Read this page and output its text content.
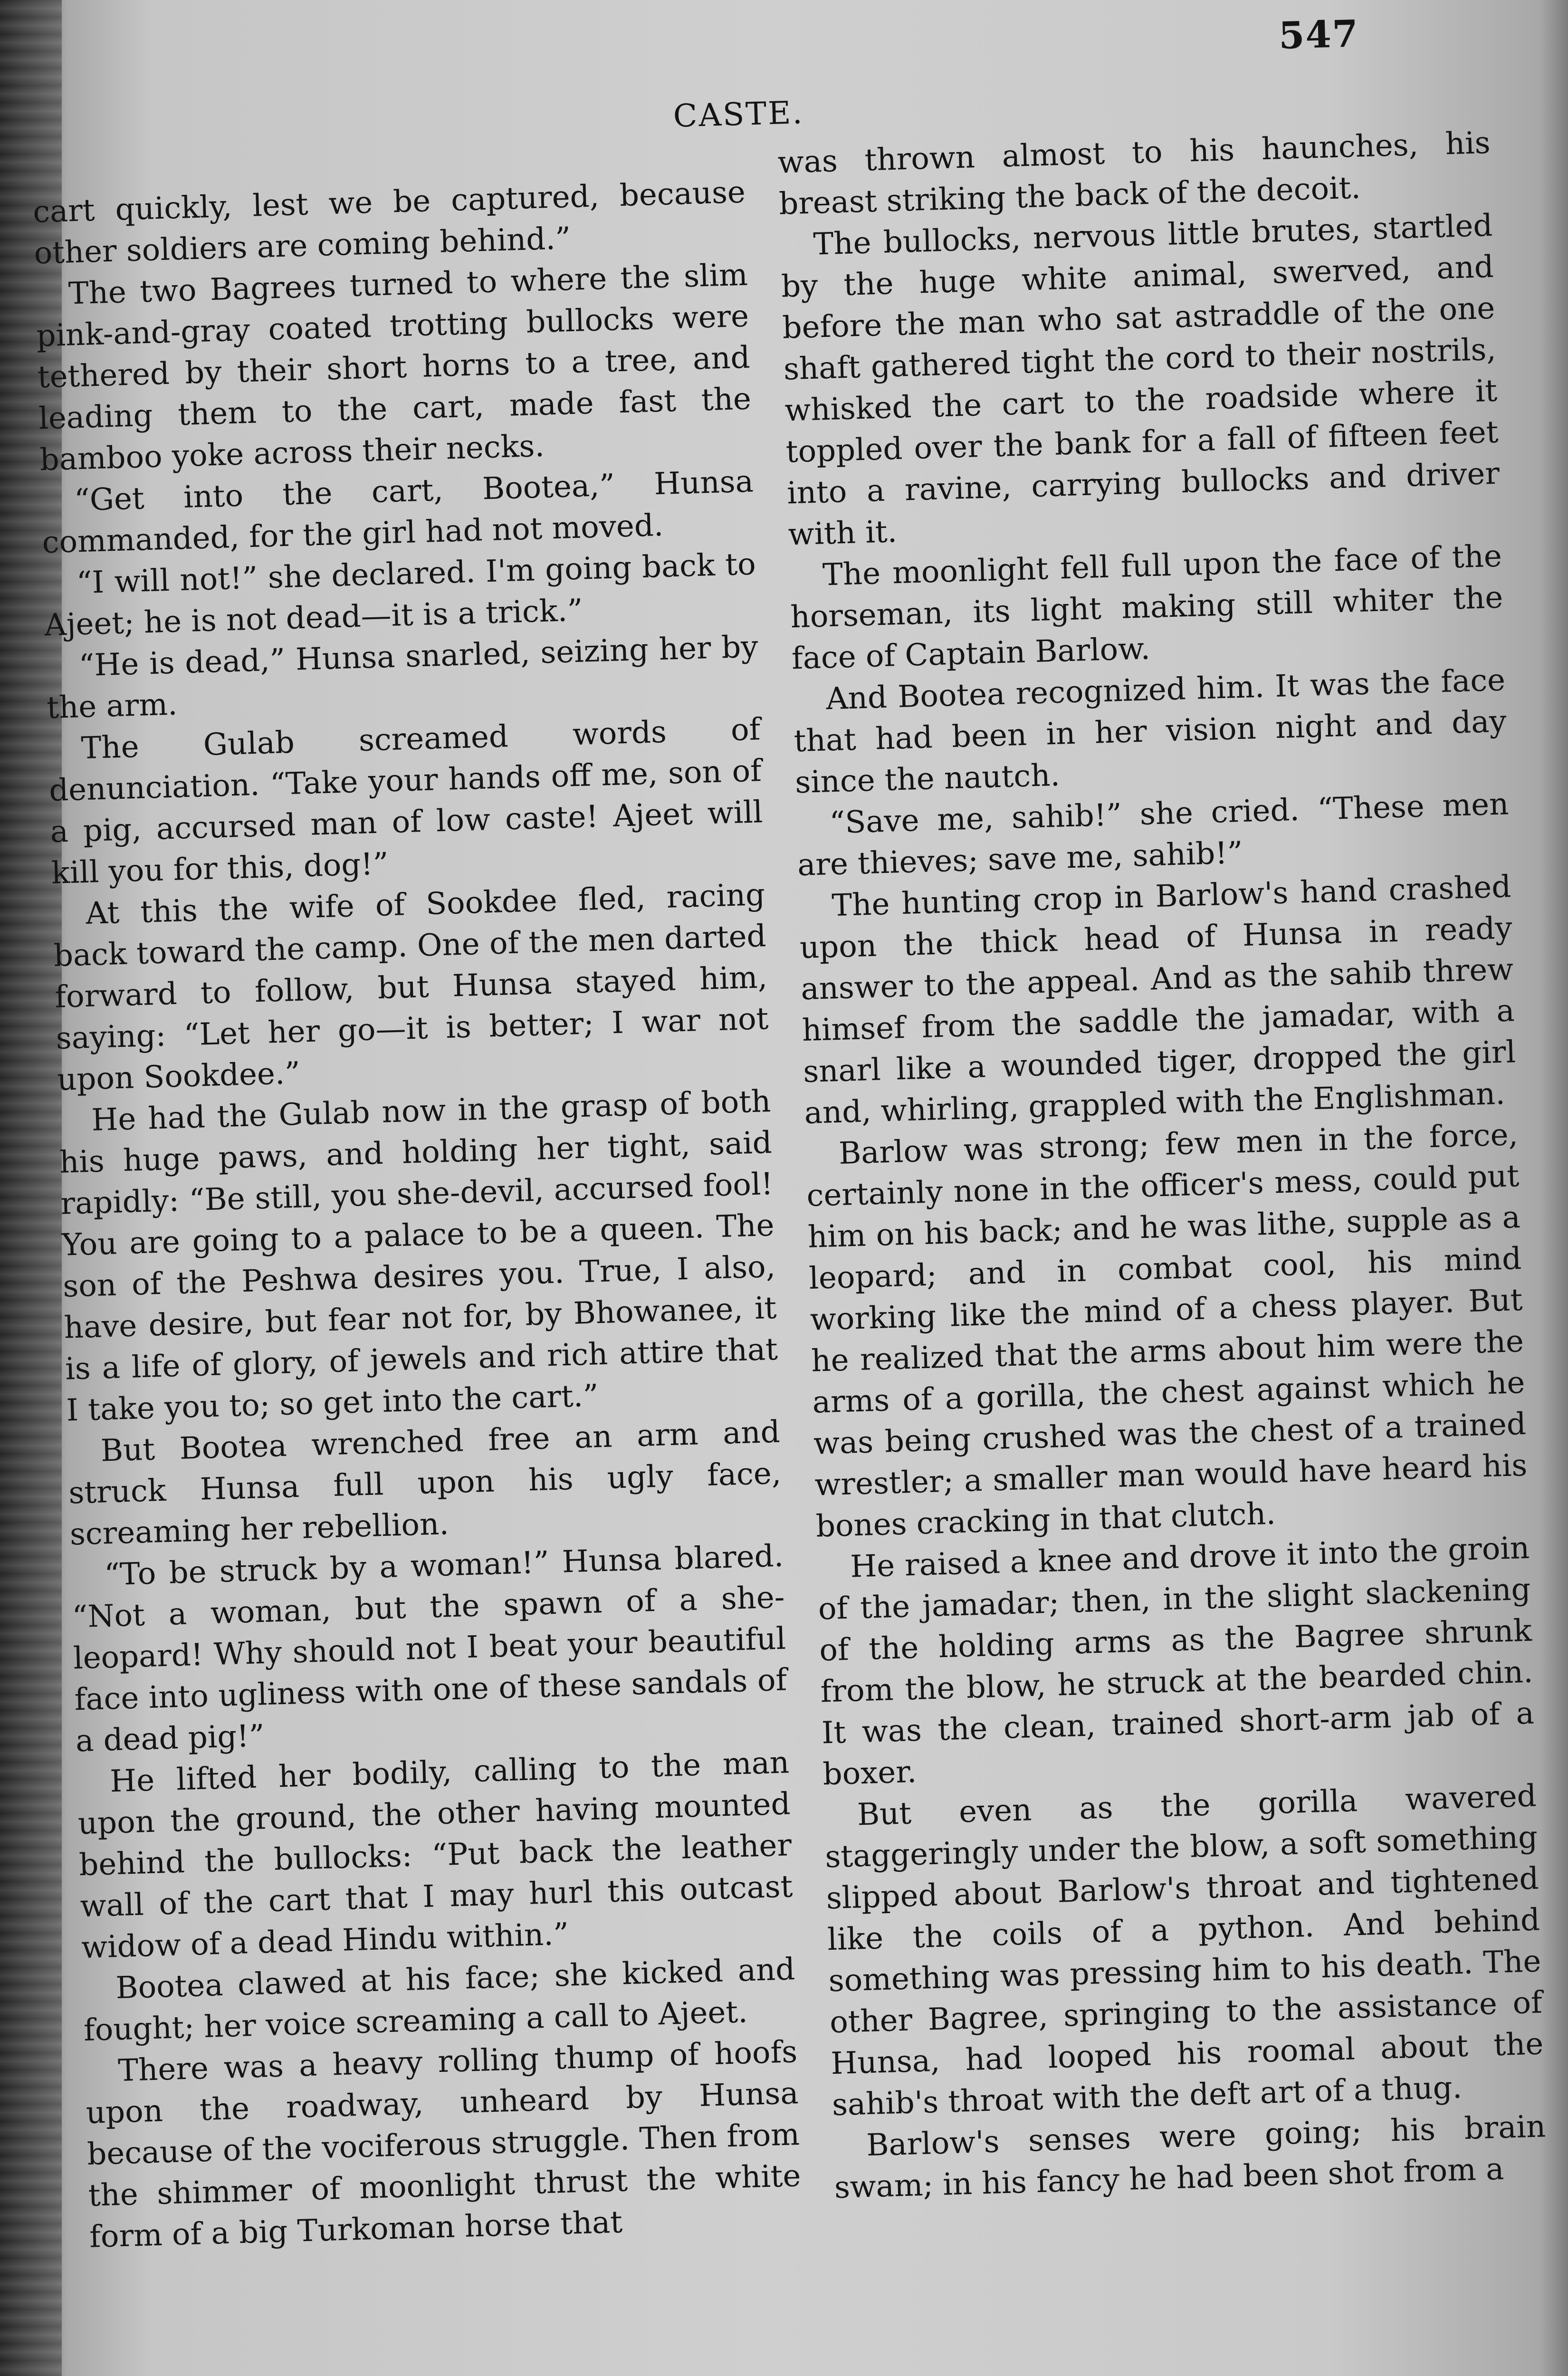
CASTE.
547

cart quickly, lest we be captured, because other soldiers are coming behind.”

The two Bagrees turned to where the slim pink-and-gray coated trotting bullocks were tethered by their short horns to a tree, and leading them to the cart, made fast the bamboo yoke across their necks.

“Get into the cart, Bootea,” Hunsa commanded, for the girl had not moved.

“I will not!” she declared. I'm going back to Ajeet; he is not dead—it is a trick.”

“He is dead,” Hunsa snarled, seizing her by the arm.

The Gulab screamed words of denunciation. “Take your hands off me, son of a pig, accursed man of low caste! Ajeet will kill you for this, dog!”

At this the wife of Sookdee fled, racing back toward the camp. One of the men darted forward to follow, but Hunsa stayed him, saying: “Let her go—it is better; I war not upon Sookdee.”

He had the Gulab now in the grasp of both his huge paws, and holding her tight, said rapidly: “Be still, you she-devil, accursed fool! You are going to a palace to be a queen. The son of the Peshwa desires you. True, I also, have desire, but fear not for, by Bhowanee, it is a life of glory, of jewels and rich attire that I take you to; so get into the cart.”

But Bootea wrenched free an arm and struck Hunsa full upon his ugly face, screaming her rebellion.

“To be struck by a woman!” Hunsa blared. “Not a woman, but the spawn of a she-leopard! Why should not I beat your beautiful face into ugliness with one of these sandals of a dead pig!”

He lifted her bodily, calling to the man upon the ground, the other having mounted behind the bullocks: “Put back the leather wall of the cart that I may hurl this outcast widow of a dead Hindu within.”

Bootea clawed at his face; she kicked and fought; her voice screaming a call to Ajeet.

There was a heavy rolling thump of hoofs upon the roadway, unheard by Hunsa because of the vociferous struggle. Then from the shimmer of moonlight thrust the white form of a big Turkoman horse that

was thrown almost to his haunches, his breast striking the back of the decoit.

The bullocks, nervous little brutes, startled by the huge white animal, swerved, and before the man who sat astraddle of the one shaft gathered tight the cord to their nostrils, whisked the cart to the roadside where it toppled over the bank for a fall of fifteen feet into a ravine, carrying bullocks and driver with it.

The moonlight fell full upon the face of the horseman, its light making still whiter the face of Captain Barlow.

And Bootea recognized him. It was the face that had been in her vision night and day since the nautch.

“Save me, sahib!” she cried. “These men are thieves; save me, sahib!”

The hunting crop in Barlow's hand crashed upon the thick head of Hunsa in ready answer to the appeal. And as the sahib threw himsef from the saddle the jamadar, with a snarl like a wounded tiger, dropped the girl and, whirling, grappled with the Englishman.

Barlow was strong; few men in the force, certainly none in the officer's mess, could put him on his back; and he was lithe, supple as a leopard; and in combat cool, his mind working like the mind of a chess player. But he realized that the arms about him were the arms of a gorilla, the chest against which he was being crushed was the chest of a trained wrestler; a smaller man would have heard his bones cracking in that clutch.

He raised a knee and drove it into the groin of the jamadar; then, in the slight slackening of the holding arms as the Bagree shrunk from the blow, he struck at the bearded chin. It was the clean, trained short-arm jab of a boxer.

But even as the gorilla wavered staggeringly under the blow, a soft something slipped about Barlow's throat and tightened like the coils of a python. And behind something was pressing him to his death. The other Bagree, springing to the assistance of Hunsa, had looped his roomal about the sahib's throat with the deft art of a thug.

Barlow's senses were going; his brain swam; in his fancy he had been shot from a
